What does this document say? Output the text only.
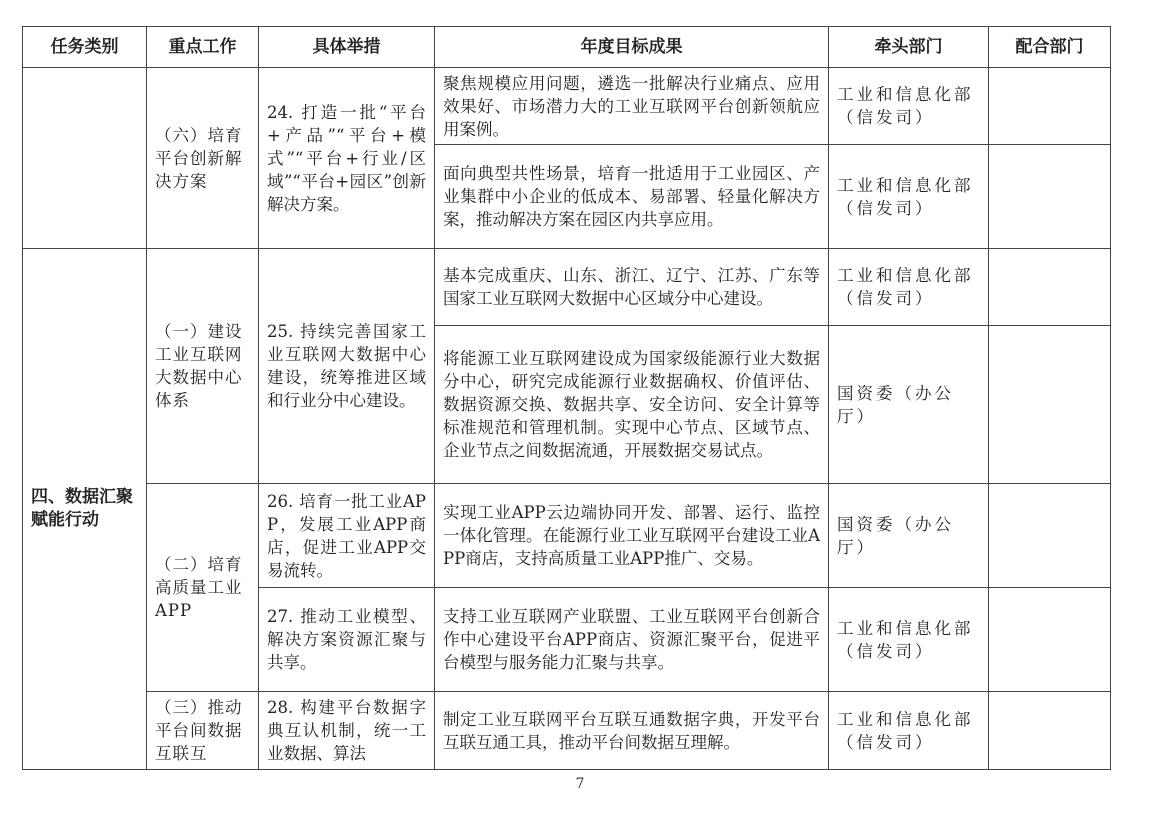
任务类别	重点工作	具体举措	年度目标成果	牵头部门	配合部门
	（六）培育平台创新解决方案	24. 打造一批“平台+产品”“平台+模式”“平台+行业/区域”“平台+园区”创新解决方案。	聚焦规模应用问题，遴选一批解决行业痛点、应用效果好、市场潜力大的工业互联网平台创新领航应用案例。	工业和信息化部（信发司）	
			面向典型共性场景，培育一批适用于工业园区、产业集群中小企业的低成本、易部署、轻量化解决方案，推动解决方案在园区内共享应用。	工业和信息化部（信发司）	
四、数据汇聚赋能行动	（一）建设工业互联网大数据中心体系	25. 持续完善国家工业互联网大数据中心建设，统筹推进区域和行业分中心建设。	基本完成重庆、山东、浙江、辽宁、江苏、广东等国家工业互联网大数据中心区域分中心建设。	工业和信息化部（信发司）	
			将能源工业互联网建设成为国家级能源行业大数据分中心，研究完成能源行业数据确权、价值评估、数据资源交换、数据共享、安全访问、安全计算等标准规范和管理机制。实现中心节点、区域节点、企业节点之间数据流通，开展数据交易试点。	国资委（办公厅）	
	（二）培育高质量工业APP	26. 培育一批工业APP，发展工业APP商店，促进工业APP交易流转。	实现工业APP云边端协同开发、部署、运行、监控一体化管理。在能源行业工业互联网平台建设工业APP商店，支持高质量工业APP推广、交易。	国资委（办公厅）	
		27. 推动工业模型、解决方案资源汇聚与共享。	支持工业互联网产业联盟、工业互联网平台创新合作中心建设平台APP商店、资源汇聚平台，促进平台模型与服务能力汇聚与共享。	工业和信息化部（信发司）	
	（三）推动平台间数据互联互	28. 构建平台数据字典互认机制，统一工业数据、算法	制定工业互联网平台互联互通数据字典，开发平台互联互通工具，推动平台间数据互理解。	工业和信息化部（信发司）	
7
